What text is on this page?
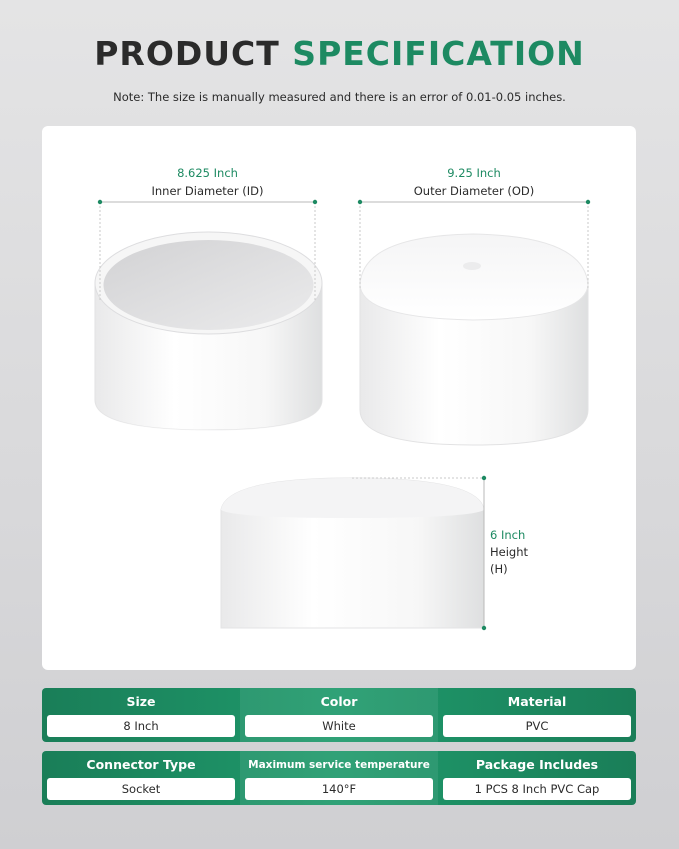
PRODUCT SPECIFICATION
Note: The size is manually measured and there is an error of 0.01-0.05 inches.
8.625 Inch
Inner Diameter (ID)
9.25 Inch
Outer Diameter (OD)
6 Inch
Height
(H)
Size
8 Inch
Color
White
Material
PVC
Connector Type
Socket
Maximum service temperature
140°F
Package Includes
1 PCS 8 Inch PVC Cap
